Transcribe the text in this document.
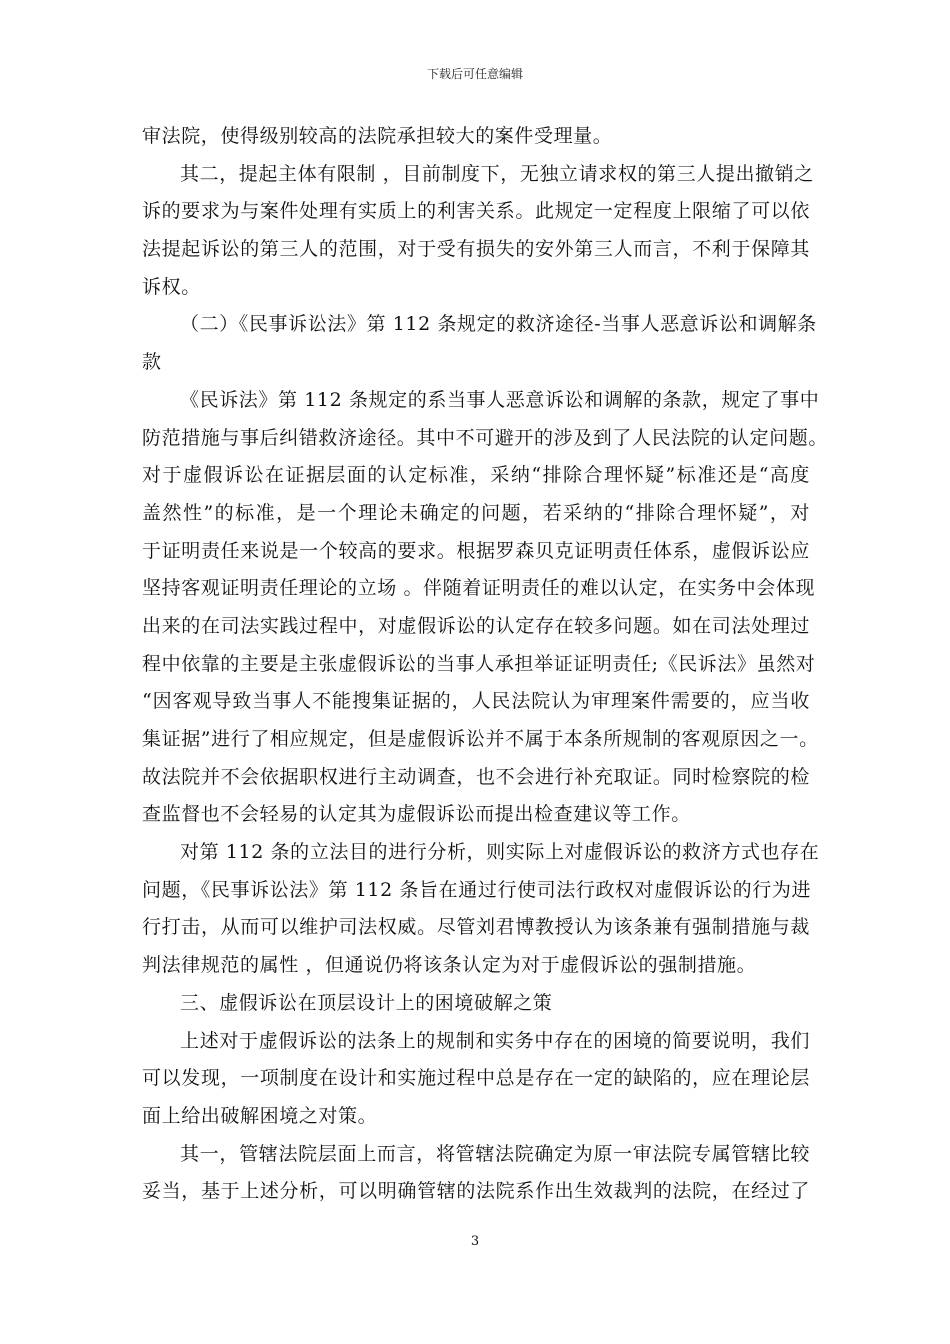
下载后可任意编辑
审法院，使得级别较高的法院承担较大的案件受理量。
其二，提起主体有限制 ，目前制度下，无独立请求权的第三人提出撤销之
诉的要求为与案件处理有实质上的利害关系。此规定一定程度上限缩了可以依
法提起诉讼的第三人的范围，对于受有损失的安外第三人而言，不利于保障其
诉权。
（二）《民事诉讼法》第 112 条规定的救济途径-当事人恶意诉讼和调解条
款
《民诉法》第 112 条规定的系当事人恶意诉讼和调解的条款，规定了事中
防范措施与事后纠错救济途径。其中不可避开的涉及到了人民法院的认定问题。
对于虚假诉讼在证据层面的认定标准，采纳“排除合理怀疑”标准还是“高度
盖然性”的标准，是一个理论未确定的问题，若采纳的“排除合理怀疑”，对
于证明责任来说是一个较高的要求。根据罗森贝克证明责任体系，虚假诉讼应
坚持客观证明责任理论的立场 。伴随着证明责任的难以认定，在实务中会体现
出来的在司法实践过程中，对虚假诉讼的认定存在较多问题。如在司法处理过
程中依靠的主要是主张虚假诉讼的当事人承担举证证明责任;《民诉法》虽然对
“因客观导致当事人不能搜集证据的，人民法院认为审理案件需要的，应当收
集证据”进行了相应规定，但是虚假诉讼并不属于本条所规制的客观原因之一。
故法院并不会依据职权进行主动调查，也不会进行补充取证。同时检察院的检
查监督也不会轻易的认定其为虚假诉讼而提出检查建议等工作。
对第 112 条的立法目的进行分析，则实际上对虚假诉讼的救济方式也存在
问题，《民事诉讼法》第 112 条旨在通过行使司法行政权对虚假诉讼的行为进
行打击，从而可以维护司法权威。尽管刘君博教授认为该条兼有强制措施与裁
判法律规范的属性 ，但通说仍将该条认定为对于虚假诉讼的强制措施。
三、虚假诉讼在顶层设计上的困境破解之策
上述对于虚假诉讼的法条上的规制和实务中存在的困境的简要说明，我们
可以发现，一项制度在设计和实施过程中总是存在一定的缺陷的，应在理论层
面上给出破解困境之对策。
其一，管辖法院层面上而言，将管辖法院确定为原一审法院专属管辖比较
妥当，基于上述分析，可以明确管辖的法院系作出生效裁判的法院，在经过了
3
